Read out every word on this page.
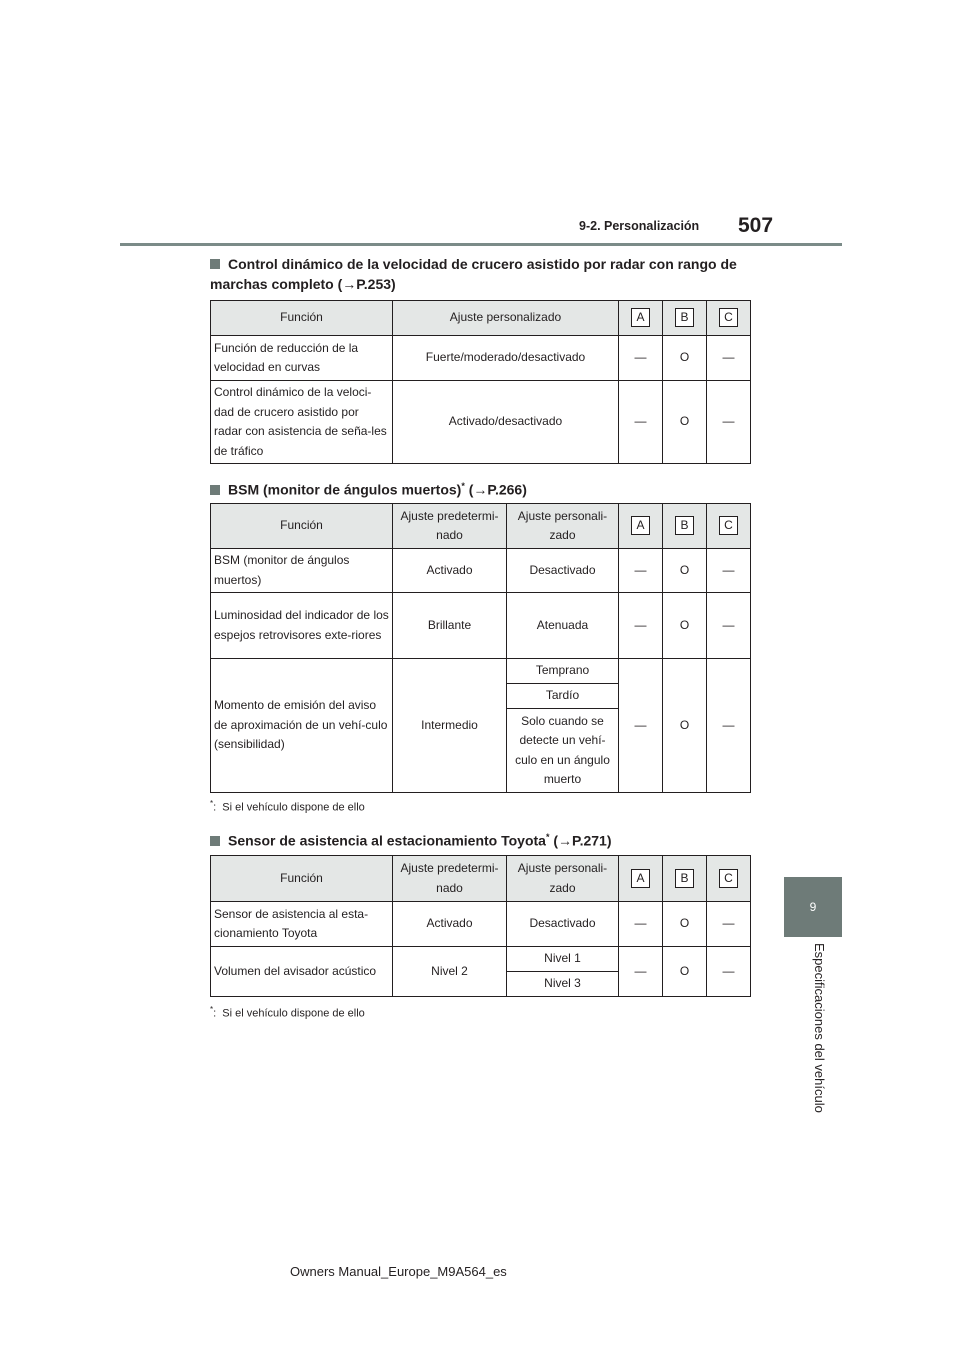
9-2. Personalización 507
9
Especificaciones del vehículo
Control dinámico de la velocidad de crucero asistido por radar con rango de marchas completo (→P.253)
Función	Ajuste personalizado	A	B	C
Función de reducción de la velocidad en curvas	Fuerte/moderado/desactivado	—	O	—
Control dinámico de la veloci-dad de crucero asistido por radar con asistencia de seña-les de tráfico	Activado/desactivado	—	O	—
BSM (monitor de ángulos muertos)* (→P.266)
Función	Ajuste predetermi-nado	Ajuste personali-zado	A	B	C
BSM (monitor de ángulos muertos)	Activado	Desactivado	—	O	—
Luminosidad del indicador de los espejos retrovisores exte-riores	Brillante	Atenuada	—	O	—
Momento de emisión del aviso de aproximación de un vehí-culo (sensibilidad)	Intermedio	Temprano	—	O	—
		Tardío			
		Solo cuando se detecte un vehí-culo en un ángulo muerto			
*:  Si el vehículo dispone de ello
Sensor de asistencia al estacionamiento Toyota* (→P.271)
Función	Ajuste predetermi-nado	Ajuste personali-zado	A	B	C
Sensor de asistencia al esta-cionamiento Toyota	Activado	Desactivado	—	O	—
Volumen del avisador acústico	Nivel 2	Nivel 1	—	O	—
		Nivel 3			
*:  Si el vehículo dispone de ello
Owners Manual_Europe_M9A564_es
